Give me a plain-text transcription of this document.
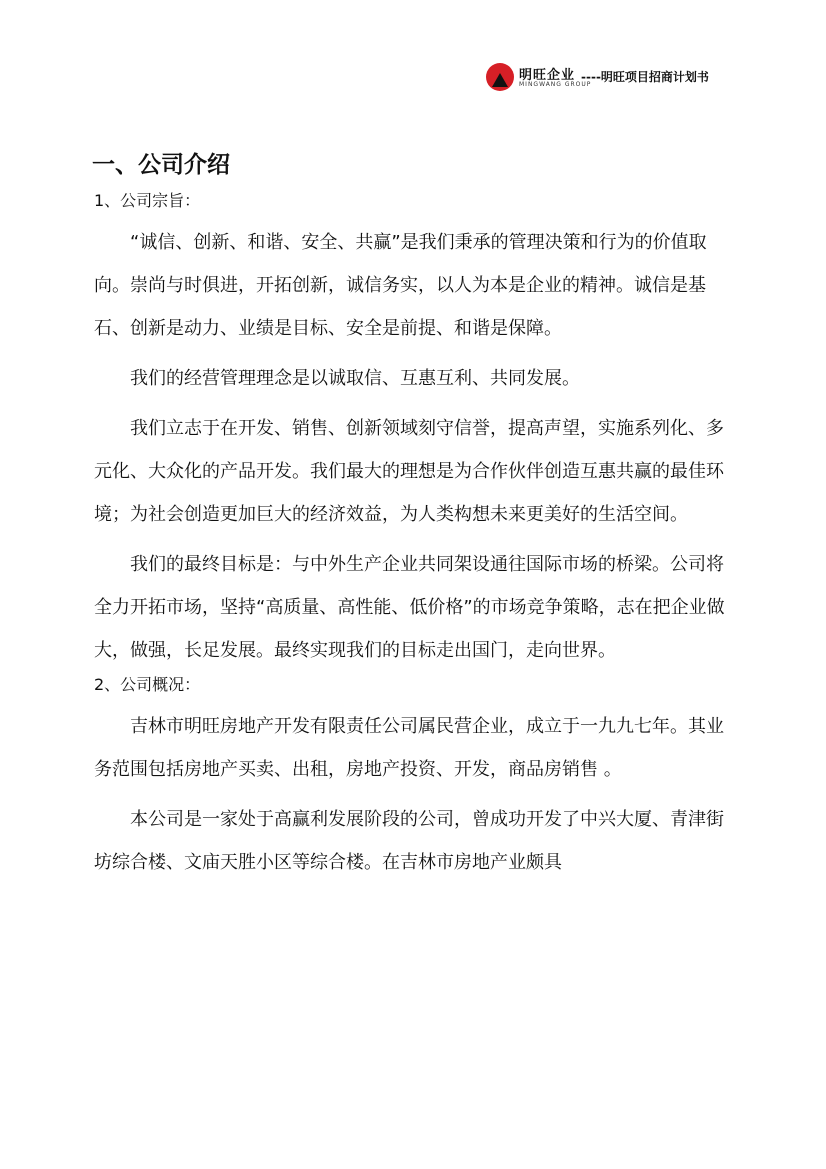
明旺企业
MINGWANG GROUP
----明旺项目招商计划书
一、公司介绍
1、公司宗旨：

“诚信、创新、和谐、安全、共赢”是我们秉承的管理决策和行为的价值取向。崇尚与时俱进，开拓创新，诚信务实，以人为本是企业的精神。诚信是基石、创新是动力、业绩是目标、安全是前提、和谐是保障。

我们的经营管理理念是以诚取信、互惠互利、共同发展。

我们立志于在开发、销售、创新领域刻守信誉，提高声望，实施系列化、多元化、大众化的产品开发。我们最大的理想是为合作伙伴创造互惠共赢的最佳环境；为社会创造更加巨大的经济效益，为人类构想未来更美好的生活空间。

我们的最终目标是：与中外生产企业共同架设通往国际市场的桥梁。公司将全力开拓市场，坚持“高质量、高性能、低价格”的市场竞争策略，志在把企业做大，做强，长足发展。最终实现我们的目标走出国门，走向世界。

2、公司概况：

吉林市明旺房地产开发有限责任公司属民营企业，成立于一九九七年。其业务范围包括房地产买卖、出租，房地产投资、开发，商品房销售 。

本公司是一家处于高赢利发展阶段的公司，曾成功开发了中兴大厦、青津街坊综合楼、文庙天胜小区等综合楼。在吉林市房地产业颇具
